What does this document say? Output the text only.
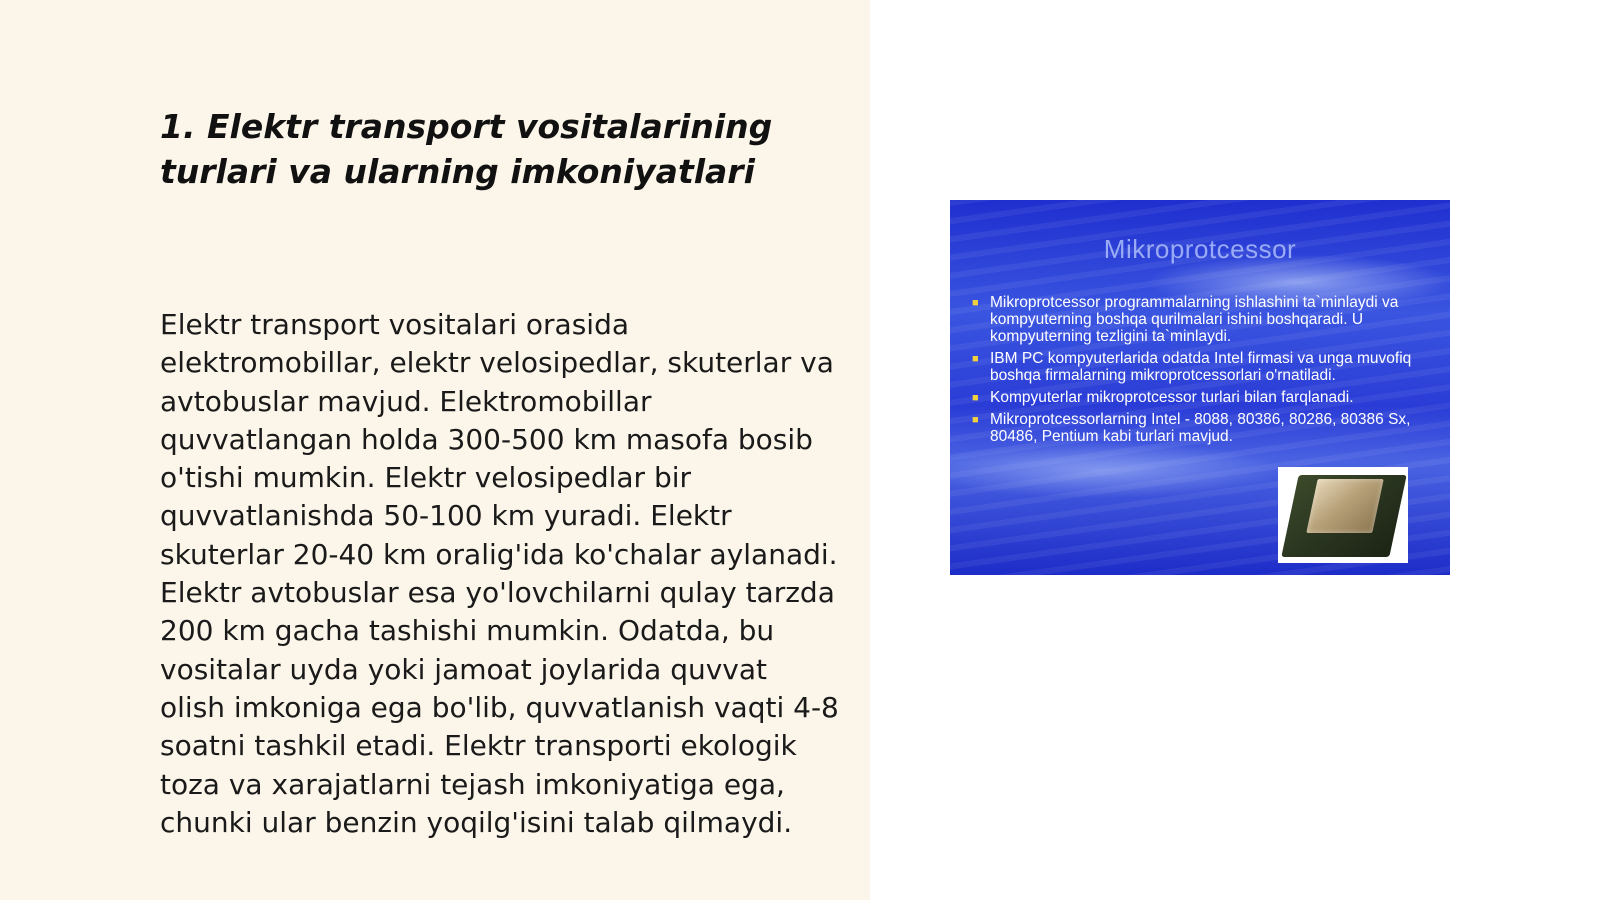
1. Elektr transport vositalarining
turlari va ularning imkoniyatlari

Elektr transport vositalari orasida elektromobillar, elektr velosipedlar, skuterlar va avtobuslar mavjud. Elektromobillar quvvatlangan holda 300-500 km masofa bosib o'tishi mumkin. Elektr velosipedlar bir quvvatlanishda 50-100 km yuradi. Elektr skuterlar 20-40 km oralig'ida ko'chalar aylanadi. Elektr avtobuslar esa yo'lovchilarni qulay tarzda 200 km gacha tashishi mumkin. Odatda, bu vositalar uyda yoki jamoat joylarida quvvat olish imkoniga ega bo'lib, quvvatlanish vaqti 4-8 soatni tashkil etadi. Elektr transporti ekologik toza va xarajatlarni tejash imkoniyatiga ega, chunki ular benzin yoqilg'isini talab qilmaydi.

Mikroprotcessor
■ Mikroprotcessor programmalarning ishlashini ta`minlaydi va kompyuterning boshqa qurilmalari ishini boshqaradi. U kompyuterning tezligini ta`minlaydi.
■ IBM PC kompyuterlarida odatda Intel firmasi va unga muvofiq boshqa firmalarning mikroprotcessorlari o'rnatiladi.
■ Kompyuterlar mikroprotcessor turlari bilan farqlanadi.
■ Mikroprotcessorlarning Intel - 8088, 80386, 80286, 80386 Sx, 80486, Pentium kabi turlari mavjud.
